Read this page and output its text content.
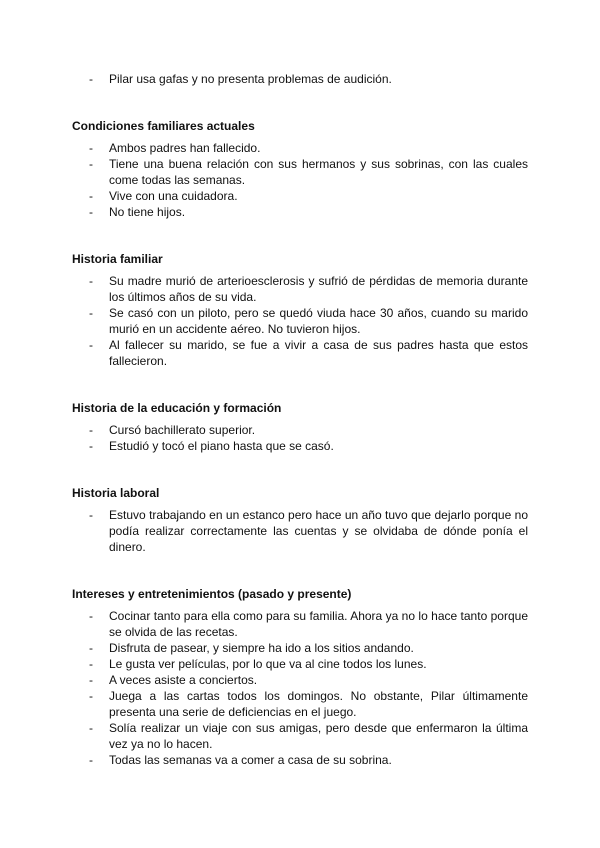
- Pilar usa gafas y no presenta problemas de audición.
Condiciones familiares actuales
- Ambos padres han fallecido.
- Tiene una buena relación con sus hermanos y sus sobrinas, con las cuales come todas las semanas.
- Vive con una cuidadora.
- No tiene hijos.
Historia familiar
- Su madre murió de arterioesclerosis y sufrió de pérdidas de memoria durante los últimos años de su vida.
- Se casó con un piloto, pero se quedó viuda hace 30 años, cuando su marido murió en un accidente aéreo. No tuvieron hijos.
- Al fallecer su marido, se fue a vivir a casa de sus padres hasta que estos fallecieron.
Historia de la educación y formación
- Cursó bachillerato superior.
- Estudió y tocó el piano hasta que se casó.
Historia laboral
- Estuvo trabajando en un estanco pero hace un año tuvo que dejarlo porque no podía realizar correctamente las cuentas y se olvidaba de dónde ponía el dinero.
Intereses y entretenimientos (pasado y presente)
- Cocinar tanto para ella como para su familia. Ahora ya no lo hace tanto porque se olvida de las recetas.
- Disfruta de pasear, y siempre ha ido a los sitios andando.
- Le gusta ver películas, por lo que va al cine todos los lunes.
- A veces asiste a conciertos.
- Juega a las cartas todos los domingos. No obstante, Pilar últimamente presenta una serie de deficiencias en el juego.
- Solía realizar un viaje con sus amigas, pero desde que enfermaron la última vez ya no lo hacen.
- Todas las semanas va a comer a casa de su sobrina.
